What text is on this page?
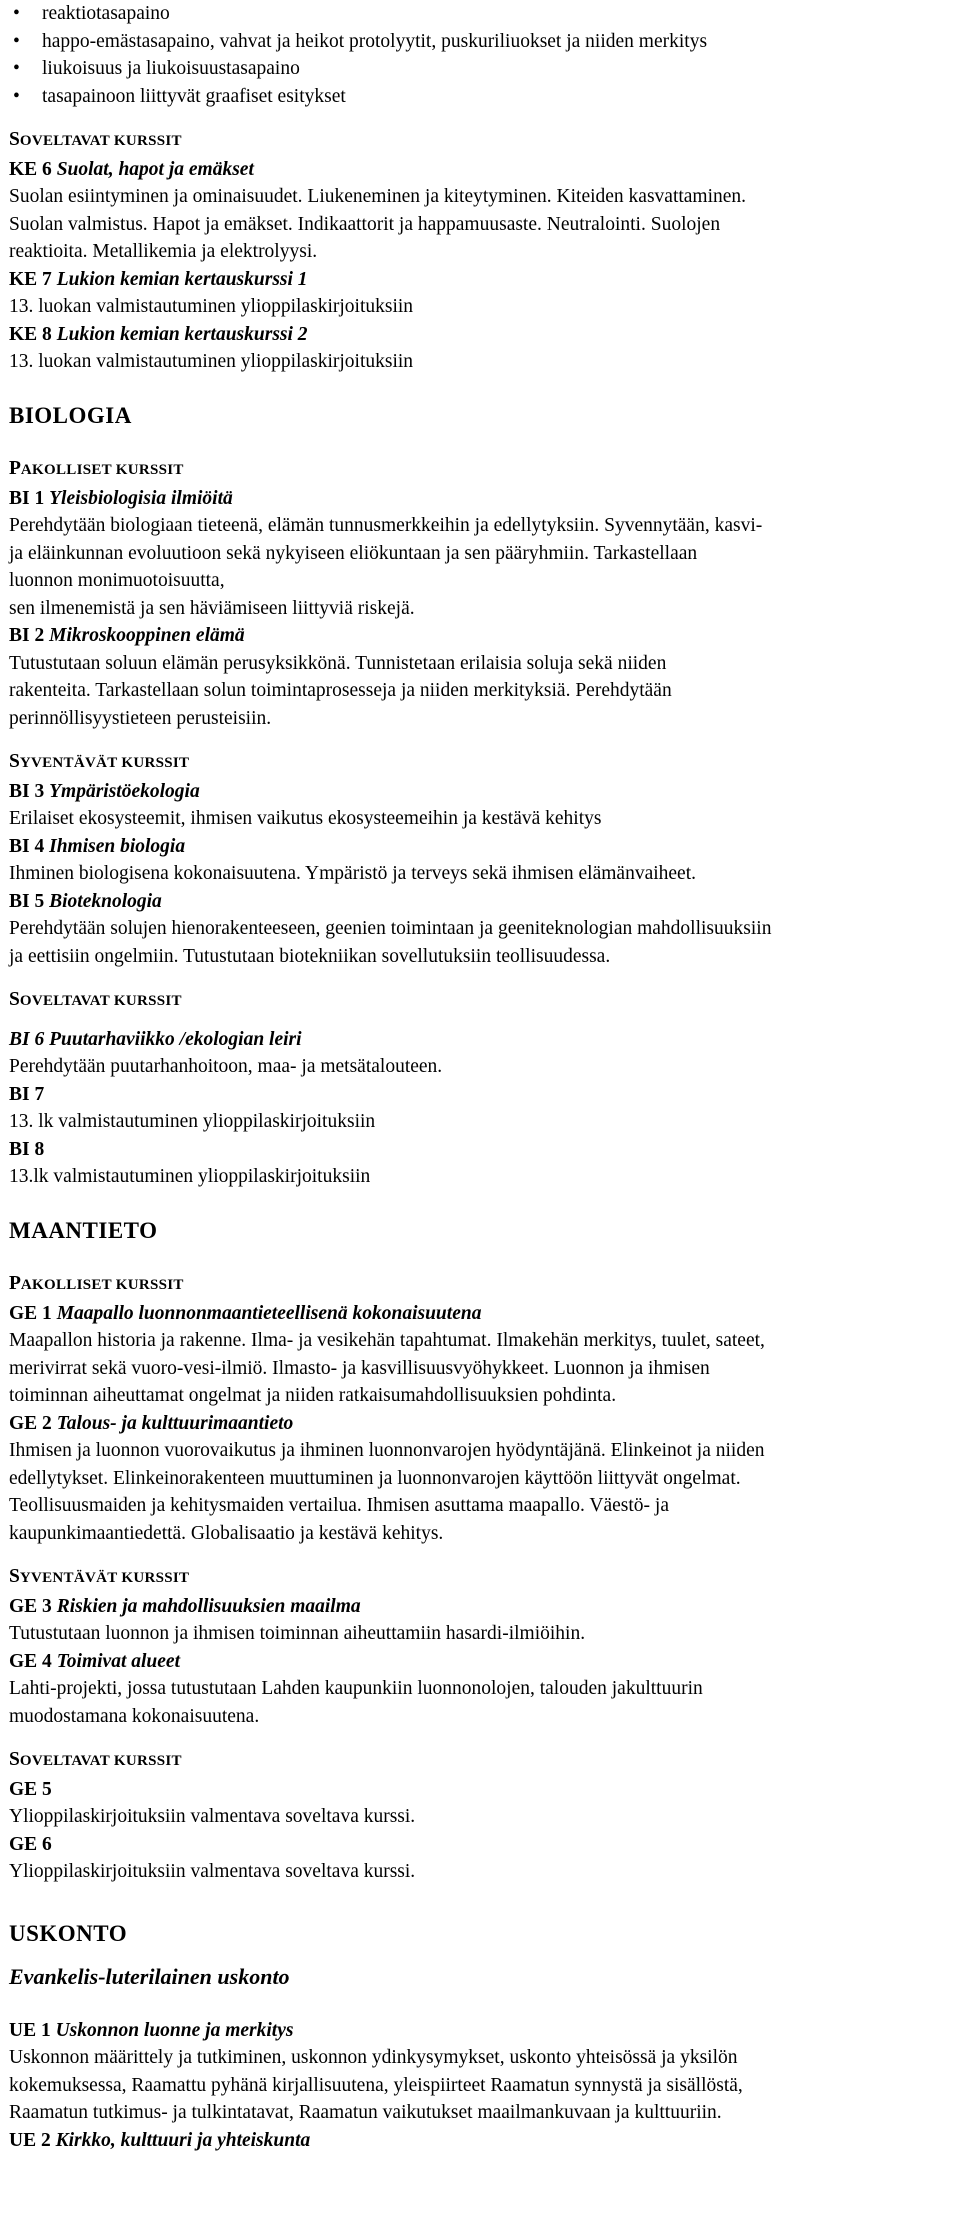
• reaktiotasapaino
• happo-emästasapaino, vahvat ja heikot protolyytit, puskuriliuokset ja niiden merkitys
• liukoisuus ja liukoisuustasapaino
• tasapainoon liittyvät graafiset esitykset
SOVELTAVAT KURSSIT
KE 6 Suolat, hapot ja emäkset
Suolan esiintyminen ja ominaisuudet. Liukeneminen ja kiteytyminen. Kiteiden kasvattaminen.
Suolan valmistus. Hapot ja emäkset. Indikaattorit ja happamuusaste. Neutralointi. Suolojen
reaktioita. Metallikemia ja elektrolyysi.
KE 7 Lukion kemian kertauskurssi 1
13. luokan valmistautuminen ylioppilaskirjoituksiin
KE 8 Lukion kemian kertauskurssi 2
13. luokan valmistautuminen ylioppilaskirjoituksiin
BIOLOGIA
PAKOLLISET KURSSIT
BI 1 Yleisbiologisia ilmiöitä
Perehdytään biologiaan tieteenä, elämän tunnusmerkkeihin ja edellytyksiin. Syvennytään, kasvi-
ja eläinkunnan evoluutioon sekä nykyiseen eliökuntaan ja sen pääryhmiin. Tarkastellaan
luonnon monimuotoisuutta,
sen ilmenemistä ja sen häviämiseen liittyviä riskejä.
BI 2 Mikroskooppinen elämä
Tutustutaan soluun elämän perusyksikkönä. Tunnistetaan erilaisia soluja sekä niiden
rakenteita. Tarkastellaan solun toimintaprosesseja ja niiden merkityksiä. Perehdytään
perinnöllisyystieteen perusteisiin.
SYVENTÄVÄT KURSSIT
BI 3 Ympäristöekologia
Erilaiset ekosysteemit, ihmisen vaikutus ekosysteemeihin ja kestävä kehitys
BI 4 Ihmisen biologia
Ihminen biologisena kokonaisuutena. Ympäristö ja terveys sekä ihmisen elämänvaiheet.
BI 5 Bioteknologia
Perehdytään solujen hienorakenteeseen, geenien toimintaan ja geeniteknologian mahdollisuuksiin
ja eettisiin ongelmiin. Tutustutaan biotekniikan sovellutuksiin teollisuudessa.
SOVELTAVAT KURSSIT
BI 6 Puutarhaviikko /ekologian leiri
Perehdytään puutarhanhoitoon, maa- ja metsätalouteen.
BI 7
13. lk valmistautuminen ylioppilaskirjoituksiin
BI 8
13.lk valmistautuminen ylioppilaskirjoituksiin
MAANTIETO
PAKOLLISET KURSSIT
GE 1 Maapallo luonnonmaantieteellisenä kokonaisuutena
Maapallon historia ja rakenne. Ilma- ja vesikehän tapahtumat. Ilmakehän merkitys, tuulet, sateet,
merivirrat sekä vuoro-vesi-ilmiö. Ilmasto- ja kasvillisuusvyöhykkeet. Luonnon ja ihmisen
toiminnan aiheuttamat ongelmat ja niiden ratkaisumahdollisuuksien pohdinta.
GE 2 Talous- ja kulttuurimaantieto
Ihmisen ja luonnon vuorovaikutus ja ihminen luonnonvarojen hyödyntäjänä. Elinkeinot ja niiden
edellytykset. Elinkeinorakenteen muuttuminen ja luonnonvarojen käyttöön liittyvät ongelmat.
Teollisuusmaiden ja kehitysmaiden vertailua. Ihmisen asuttama maapallo. Väestö- ja
kaupunkimaantiedettä. Globalisaatio ja kestävä kehitys.
SYVENTÄVÄT KURSSIT
GE 3 Riskien ja mahdollisuuksien maailma
Tutustutaan luonnon ja ihmisen toiminnan aiheuttamiin hasardi-ilmiöihin.
GE 4 Toimivat alueet
Lahti-projekti, jossa tutustutaan Lahden kaupunkiin luonnonolojen, talouden jakulttuurin
muodostamana kokonaisuutena.
SOVELTAVAT KURSSIT
GE 5
Ylioppilaskirjoituksiin valmentava soveltava kurssi.
GE 6
Ylioppilaskirjoituksiin valmentava soveltava kurssi.
USKONTO
Evankelis-luterilainen uskonto
UE 1 Uskonnon luonne ja merkitys
Uskonnon määrittely ja tutkiminen, uskonnon ydinkysymykset, uskonto yhteisössä ja yksilön
kokemuksessa, Raamattu pyhänä kirjallisuutena, yleispiirteet Raamatun synnystä ja sisällöstä,
Raamatun tutkimus- ja tulkintatavat, Raamatun vaikutukset maailmankuvaan ja kulttuuriin.
UE 2 Kirkko, kulttuuri ja yhteiskunta
